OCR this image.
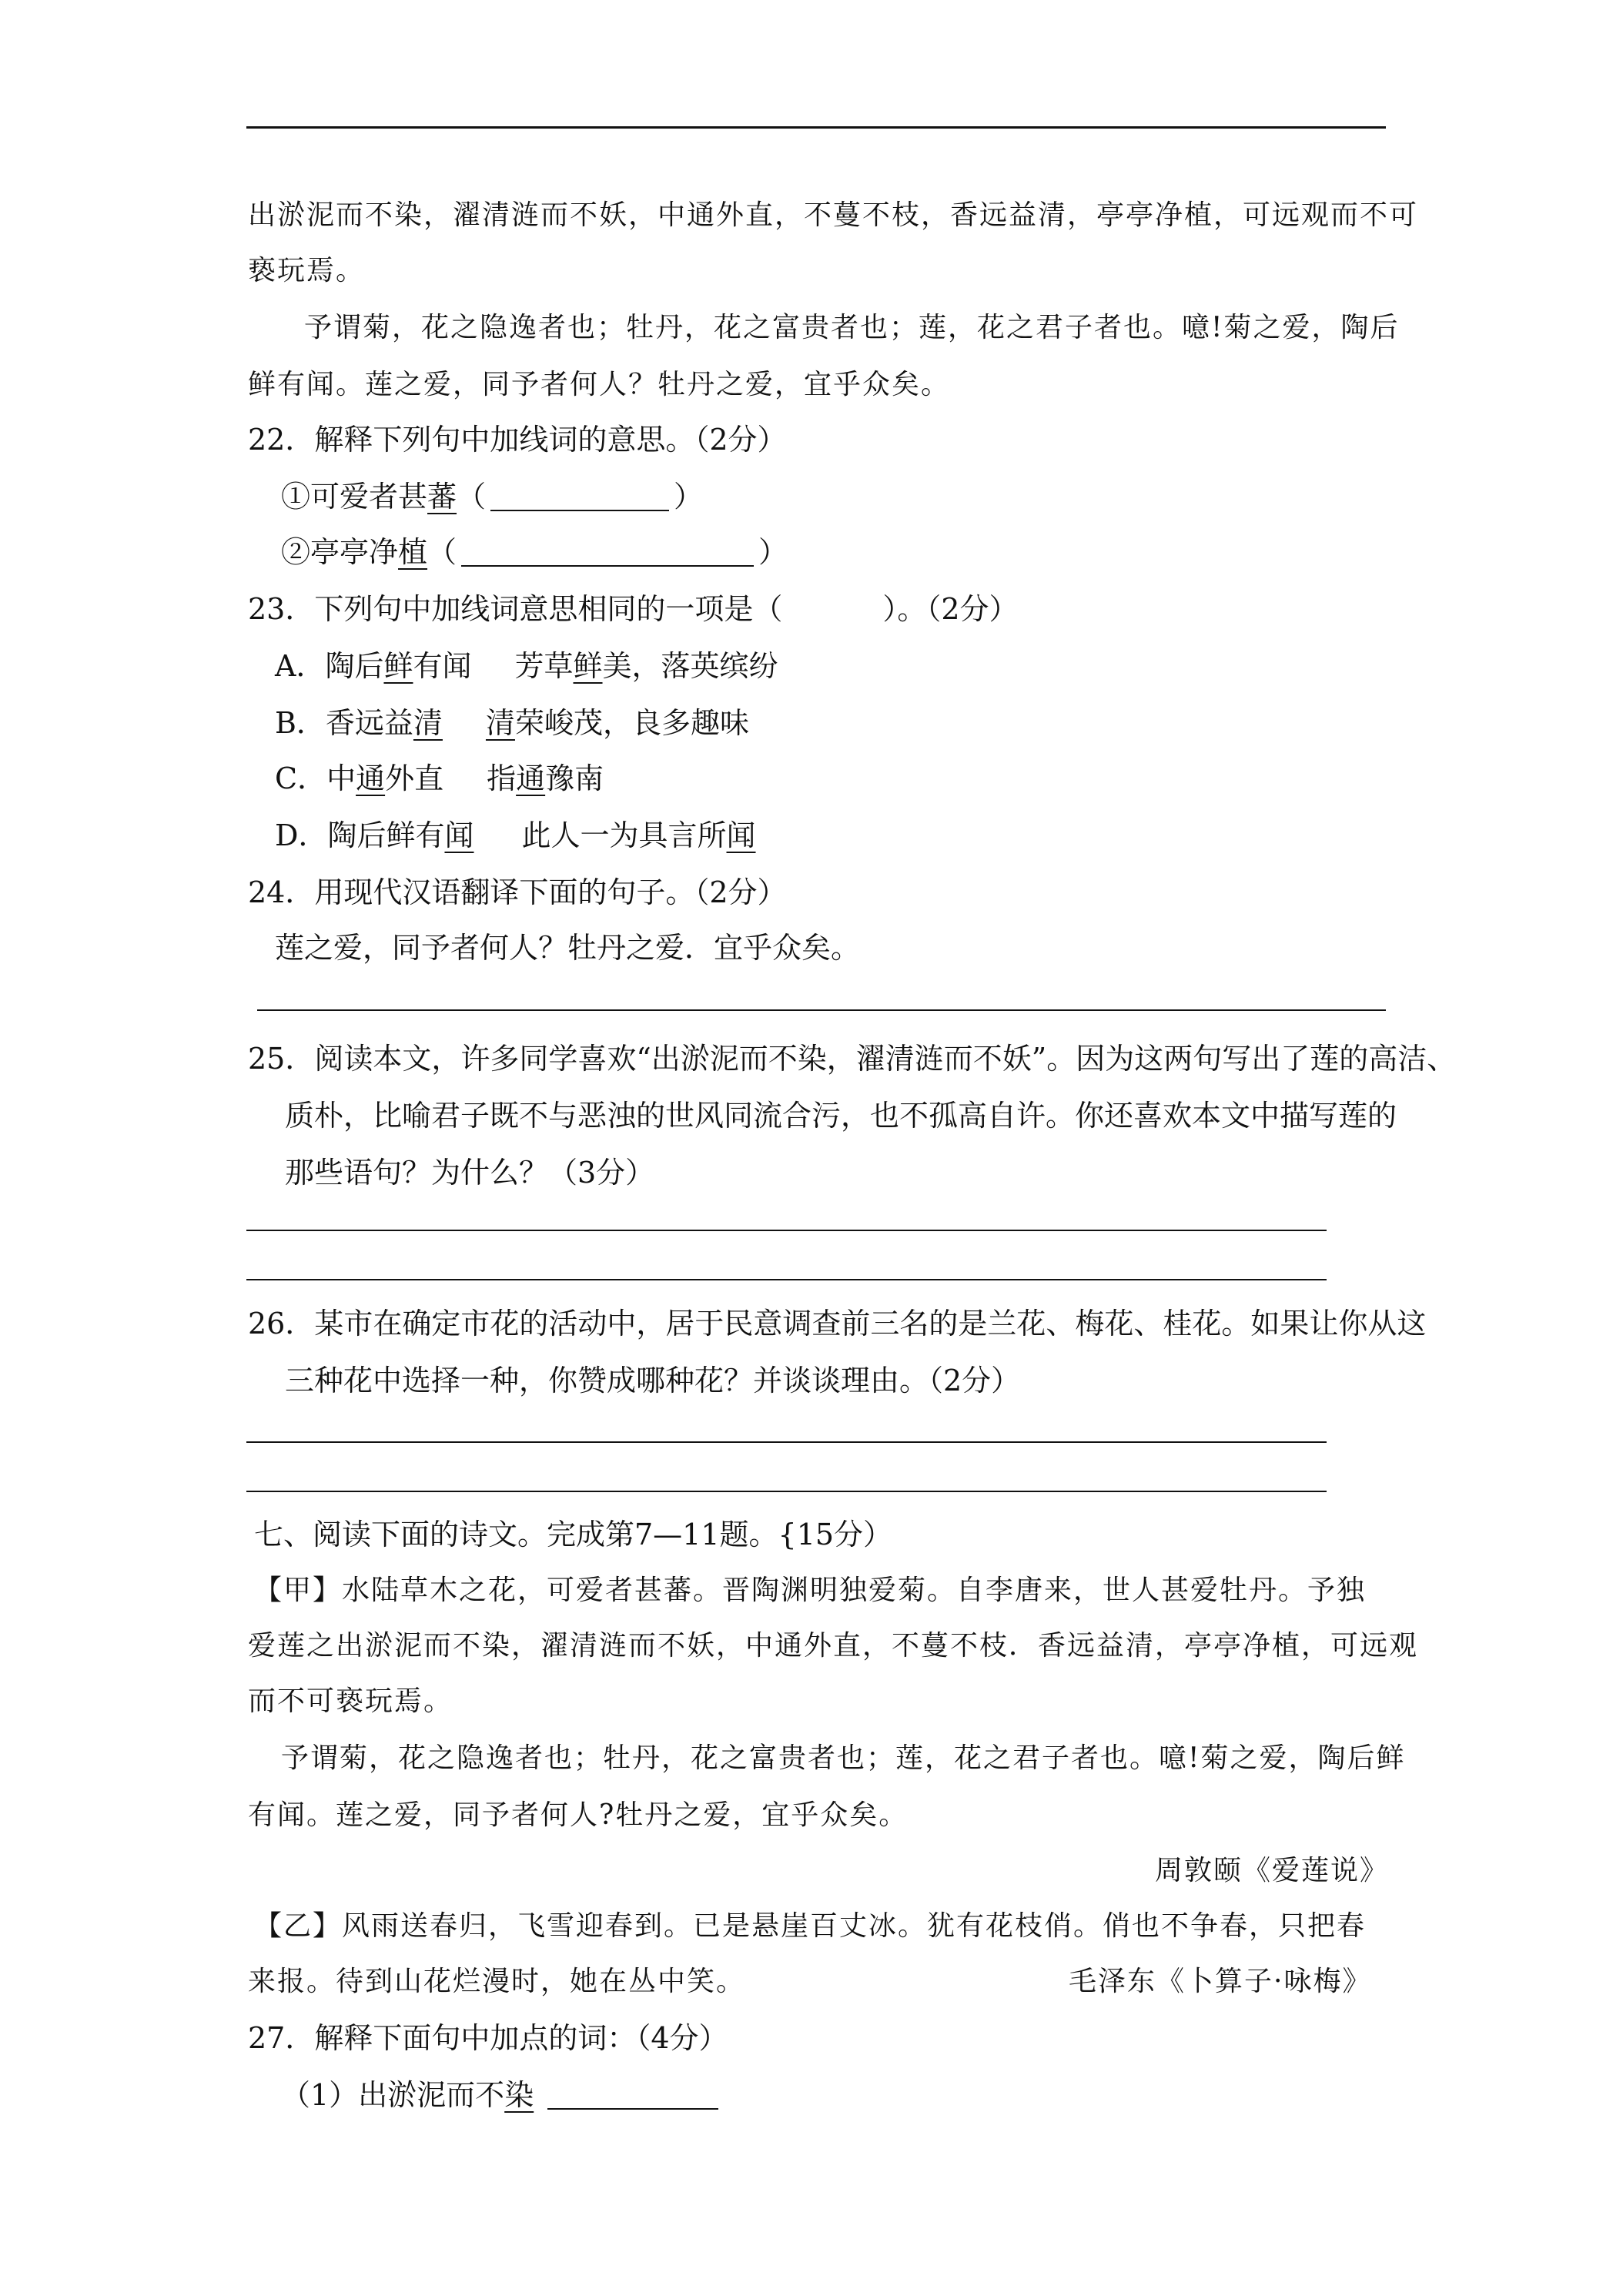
出淤泥而不染，濯清涟而不妖，中通外直，不蔓不枝，香远益清，亭亭净植，可远观而不可
亵玩焉。
予谓菊，花之隐逸者也；牡丹，花之富贵者也；莲，花之君子者也。噫!菊之爱，陶后
鲜有闻。莲之爱，同予者何人？牡丹之爱，宜乎众矣。
22．解释下列句中加线词的意思。（2分）
①可爱者甚蕃（	）
②亭亭净植（	）
23．下列句中加线词意思相同的一项是（	）。（2分）
A．陶后鲜有闻 芳草鲜美，落英缤纷
B．香远益清 清荣峻茂，良多趣味
C．中通外直 指通豫南
D．陶后鲜有闻 此人一为具言所闻
24．用现代汉语翻译下面的句子。（2分）
莲之爱，同予者何人？牡丹之爱．宜乎众矣。
25．阅读本文，许多同学喜欢“出淤泥而不染，濯清涟而不妖”。因为这两句写出了莲的高洁、
质朴，比喻君子既不与恶浊的世风同流合污，也不孤高自许。你还喜欢本文中描写莲的
那些语句？为什么？（3分）
26．某市在确定市花的活动中，居于民意调查前三名的是兰花、梅花、桂花。如果让你从这
三种花中选择一种，你赞成哪种花？并谈谈理由。（2分）
七、阅读下面的诗文。完成第7—11题。{15分）
【甲】水陆草木之花，可爱者甚蕃。晋陶渊明独爱菊。自李唐来，世人甚爱牡丹。予独
爱莲之出淤泥而不染，濯清涟而不妖，中通外直，不蔓不枝．香远益清，亭亭净植，可远观
而不可亵玩焉。
予谓菊，花之隐逸者也；牡丹，花之富贵者也；莲，花之君子者也。噫!菊之爱，陶后鲜
有闻。莲之爱，同予者何人?牡丹之爱，宜乎众矣。
周敦颐《爱莲说》
【乙】风雨送春归，飞雪迎春到。已是悬崖百丈冰。犹有花枝俏。俏也不争春，只把春
来报。待到山花烂漫时，她在丛中笑。	毛泽东《卜算子·咏梅》
27．解释下面句中加点的词：（4分）
（1）出淤泥而不染
